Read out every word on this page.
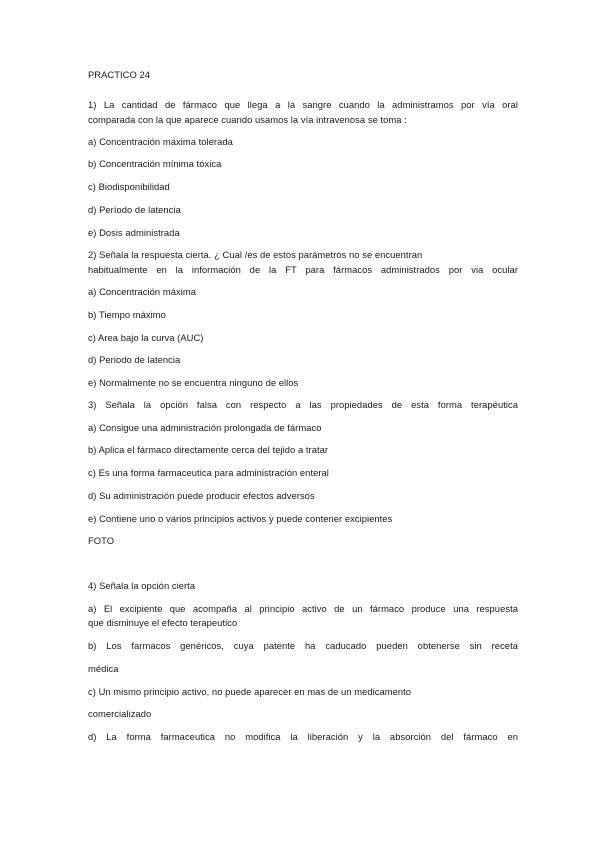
PRACTICO 24
1) La cantidad de fármaco que llega a la sangre cuando la administramos por vía oral
comparada con la que aparece cuando usamos la vía intravenosa se toma :
a) Concentración máxima tolerada
b) Concentración mínima tóxica
c) Biodisponibilidad
d) Período de latencia
e) Dosis administrada
2) Señala la respuesta cierta. ¿ Cual /es de estos parámetros no se encuentran
habitualmente en la información de la FT para fármacos administrados por via ocular
a) Concentración máxima
b) Tiempo máximo
c) Area bajo la curva (AUC)
d) Periodo de latencia
e) Normalmente no se encuentra ninguno de ellos
3) Señala la opción falsa con respecto a las propiedades de esta forma terapéutica
a) Consigue una administración prolongada de fármaco
b) Aplica el fármaco directamente cerca del tejido a tratar
c) Es una forma farmaceutica para administración enteral
d) Su administración puede producir efectos adversos
e) Contiene uno o varios principios activos y puede contener excipientes
FOTO
4) Señala la opción cierta
a) El excipiente que acompaña al principio activo de un fármaco produce una respuesta
que disminuye el efecto terapeutico
b) Los farmacos genéricos, cuya patente ha caducado pueden obtenerse sin receta
médica
c) Un mismo principio activo, no puede aparecer en mas de un medicamento
comercializado
d) La forma farmaceutica no modifica la liberación y la absorción del fármaco en
